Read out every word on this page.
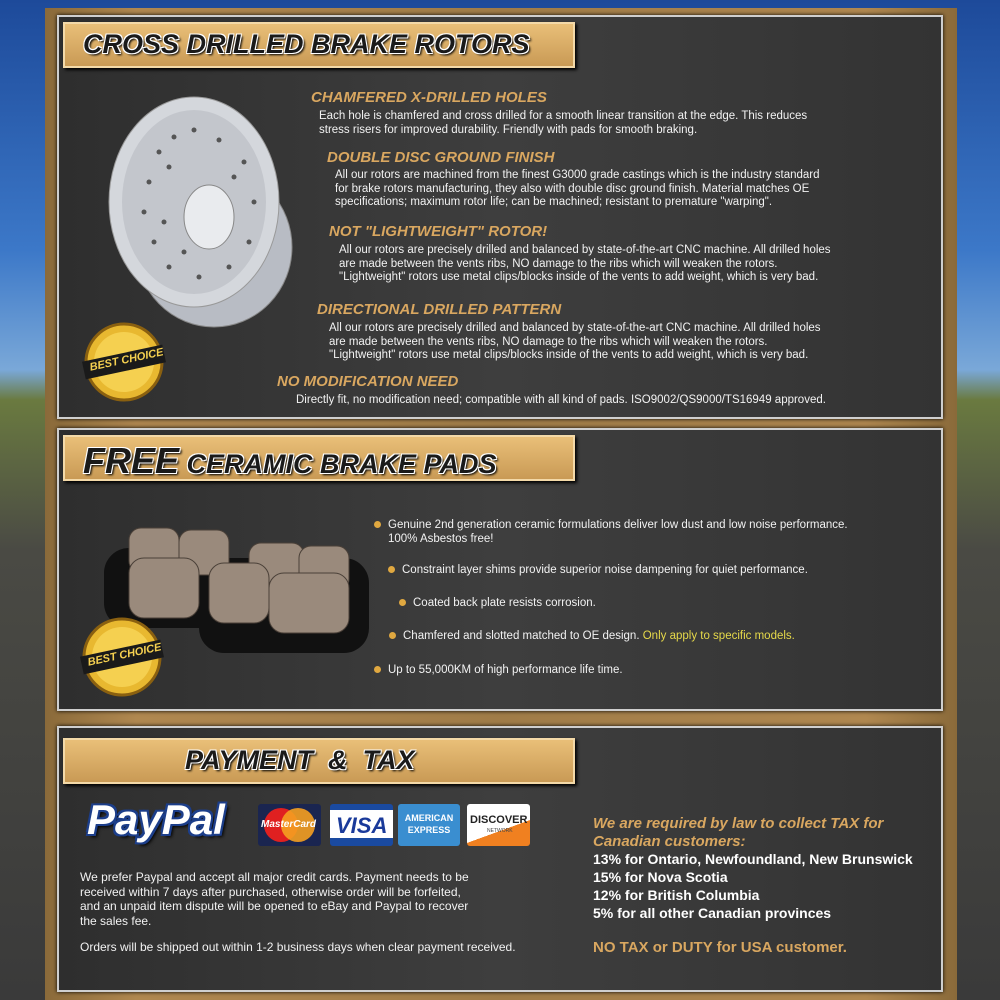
CROSS DRILLED BRAKE ROTORS
BEST CHOICE
CHAMFERED X-DRILLED HOLES
Each hole is chamfered and cross drilled for a smooth linear transition at the edge. This reduces
stress risers for improved durability. Friendly with pads for smooth braking.
DOUBLE DISC GROUND FINISH
All our rotors are machined from the finest G3000 grade castings which is the industry standard
for brake rotors manufacturing, they also with double disc ground finish. Material matches OE
specifications; maximum rotor life; can be machined; resistant to premature "warping".
NOT "LIGHTWEIGHT" ROTOR!
All our rotors are precisely drilled and balanced by state-of-the-art CNC machine. All drilled holes
are made between the vents ribs, NO damage to the ribs which will weaken the rotors.
"Lightweight" rotors use metal clips/blocks inside of the vents to add weight, which is very bad.
DIRECTIONAL DRILLED PATTERN
All our rotors are precisely drilled and balanced by state-of-the-art CNC machine. All drilled holes
are made between the vents ribs, NO damage to the ribs which will weaken the rotors.
"Lightweight" rotors use metal clips/blocks inside of the vents to add weight, which is very bad.
NO MODIFICATION NEED
Directly fit, no modification need; compatible with all kind of pads. ISO9002/QS9000/TS16949 approved.
FREE CERAMIC BRAKE PADS
BEST CHOICE
Genuine 2nd generation ceramic formulations deliver low dust and low noise performance.
100% Asbestos free!
Constraint layer shims provide superior noise dampening for quiet performance.
Coated back plate resists corrosion.
Chamfered and slotted matched to OE design. Only apply to specific models.
Up to 55,000KM of high performance life time.
PAYMENT  &  TAX
PayPal	MasterCard VISA	AMERICAN EXPRESS
DISCOVER
NETWORK
We prefer Paypal and accept all major credit cards. Payment needs to be
received within 7 days after purchased, otherwise order will be forfeited,
and an unpaid item dispute will be opened to eBay and Paypal to recover
the sales fee.
Orders will be shipped out within 1-2 business days when clear payment received.
We are required by law to collect TAX for
Canadian customers:
13% for Ontario, Newfoundland, New Brunswick
15% for Nova Scotia
12% for British Columbia
5% for all other Canadian provinces
NO TAX or DUTY for USA customer.
